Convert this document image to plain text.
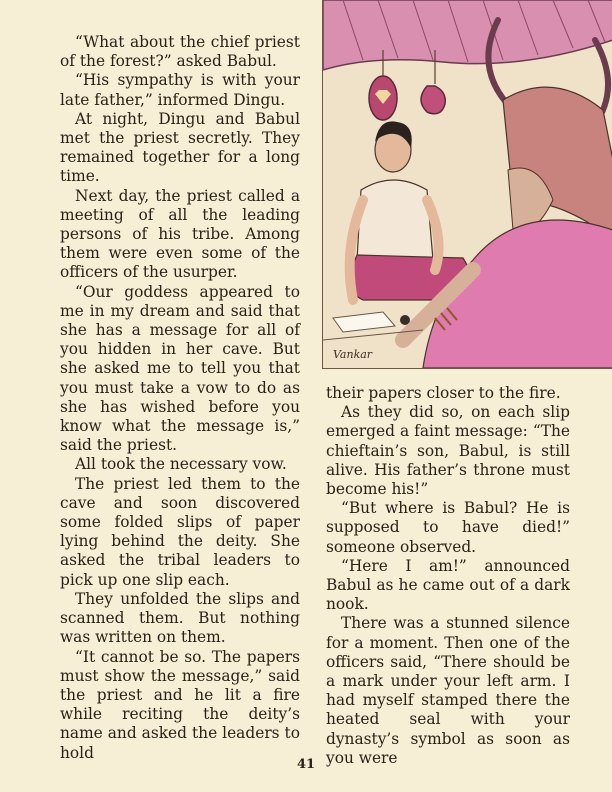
“What about the chief priest of the forest?” asked Babul.

“His sympathy is with your late father,” informed Dingu.

At night, Dingu and Babul met the priest secretly. They remained together for a long time.

Next day, the priest called a meeting of all the leading persons of his tribe. Among them were even some of the officers of the usurper.

“Our goddess appeared to me in my dream and said that she has a message for all of you hidden in her cave. But she asked me to tell you that you must take a vow to do as she has wished before you know what the message is,” said the priest.

All took the necessary vow.

The priest led them to the cave and soon discovered some folded slips of paper lying behind the deity. She asked the tribal leaders to pick up one slip each.

They unfolded the slips and scanned them. But nothing was written on them.

“It cannot be so. The papers must show the message,” said the priest and he lit a fire while reciting the deity’s name and asked the leaders to hold

Vankar

their papers closer to the fire.

As they did so, on each slip emerged a faint message: “The chieftain’s son, Babul, is still alive. His father’s throne must become his!”

“But where is Babul? He is supposed to have died!” someone observed.

“Here I am!” announced Babul as he came out of a dark nook.

There was a stunned silence for a moment. Then one of the officers said, “There should be a mark under your left arm. I had myself stamped there the heated seal with your dynasty’s symbol as soon as you were

41
